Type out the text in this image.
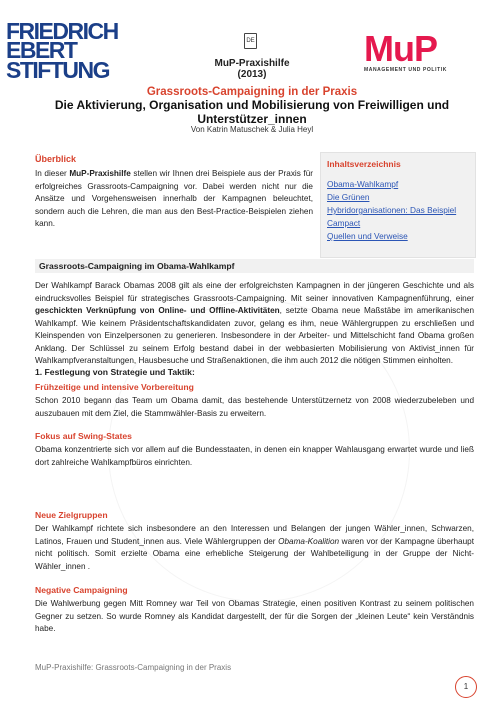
FRIEDRICH
EBERT
STIFTUNG
DE
MuP-Praxishilfe (2013)
MuP
MANAGEMENT UND POLITIK
Grassroots-Campaigning in der Praxis
Die Aktivierung, Organisation und Mobilisierung von Freiwilligen und Unterstützer_innen
Von Katrin Matuschek & Julia Heyl
Überblick
In dieser MuP-Praxishilfe stellen wir Ihnen drei Beispiele aus der Praxis für erfolgreiches Grassroots-Campaigning vor. Dabei werden nicht nur die Ansätze und Vorgehensweisen innerhalb der Kampagnen beleuchtet, sondern auch die Lehren, die man aus den Best-Practice-Beispielen ziehen kann.
Inhaltsverzeichnis
Obama-Wahlkampf
Die Grünen
Hybridorganisationen: Das Beispiel
Campact
Quellen und Verweise
Grassroots-Campaigning im Obama-Wahlkampf
Der Wahlkampf Barack Obamas 2008 gilt als eine der erfolgreichsten Kampagnen in der jüngeren Geschichte und als eindrucksvolles Beispiel für strategisches Grassroots-Campaigning. Mit seiner innovativen Kampagnenführung, einer geschickten Verknüpfung von Online- und Offline-Aktivitäten, setzte Obama neue Maßstäbe im amerikanischen Wahlkampf. Wie keinem Präsidentschaftskandidaten zuvor, gelang es ihm, neue Wählergruppen zu erschließen und Kleinspenden von Einzelpersonen zu generieren. Insbesondere in der Arbeiter- und Mittelschicht fand Obama großen Anklang. Der Schlüssel zu seinem Erfolg bestand dabei in der webbasierten Mobilisierung von Aktivist_innen für Wahlkampfveranstaltungen, Hausbesuche und Straßenaktionen, die ihm auch 2012 die nötigen Stimmen einholten.
1. Festlegung von Strategie und Taktik:
Frühzeitige und intensive Vorbereitung
Schon 2010 begann das Team um Obama damit, das bestehende Unterstützernetz von 2008 wiederzubeleben und auszubauen mit dem Ziel, die Stammwähler-Basis zu erweitern.
Fokus auf Swing-States
Obama konzentrierte sich vor allem auf die Bundesstaaten, in denen ein knapper Wahlausgang erwartet wurde und ließ dort zahlreiche Wahlkampfbüros einrichten.
Neue Zielgruppen
Der Wahlkampf richtete sich insbesondere an den Interessen und Belangen der jungen Wähler_innen, Schwarzen, Latinos, Frauen und Student_innen aus. Viele Wählergruppen der Obama-Koalition waren vor der Kampagne überhaupt nicht politisch. Somit erzielte Obama eine erhebliche Steigerung der Wahlbeteiligung in der Gruppe der Nicht-Wähler_innen .
Negative Campaigning
Die Wahlwerbung gegen Mitt Romney war Teil von Obamas Strategie, einen positiven Kontrast zu seinem politischen Gegner zu setzen. So wurde Romney als Kandidat dargestellt, der für die Sorgen der „kleinen Leute“ kein Verständnis habe.
MuP-Praxishilfe: Grassroots-Campaigning in der Praxis
1
